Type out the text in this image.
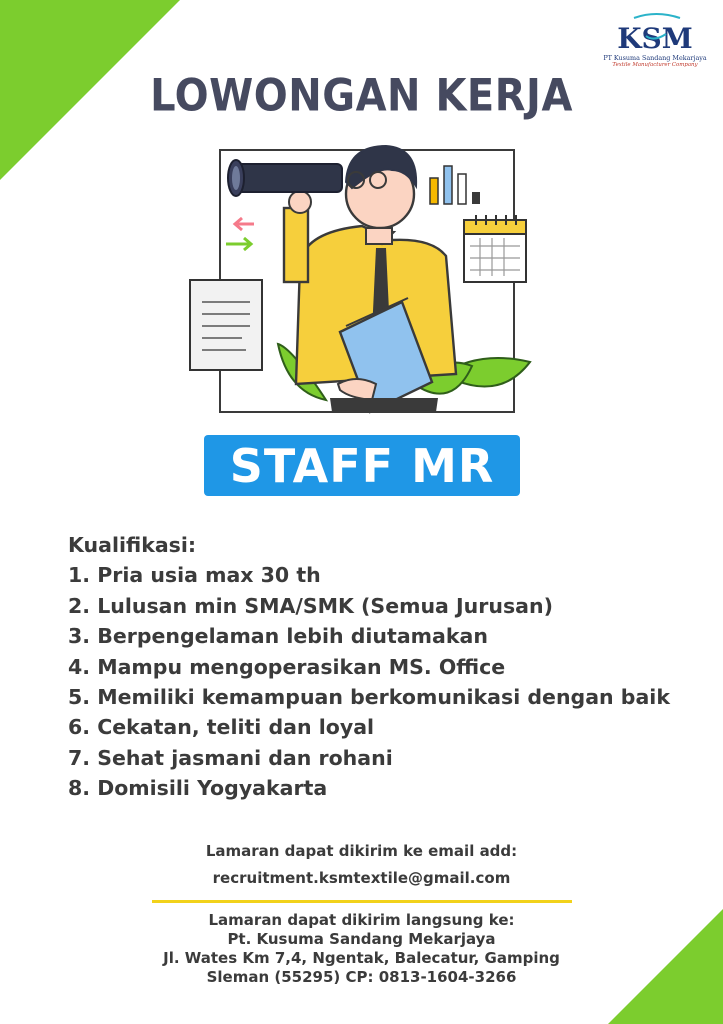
KSM
PT Kusuma Sandang Mekarjaya
Textile Manufacturer Company
LOWONGAN KERJA
STAFF MR
Kualifikasi:
1. Pria usia max 30 th
2. Lulusan min SMA/SMK (Semua Jurusan)
3. Berpengelaman lebih diutamakan
4. Mampu mengoperasikan MS. Office
5. Memiliki kemampuan berkomunikasi dengan baik
6. Cekatan, teliti dan loyal
7. Sehat jasmani dan rohani
8. Domisili Yogyakarta
Lamaran dapat dikirim ke email add:
recruitment.ksmtextile@gmail.com
Lamaran dapat dikirim langsung ke:
Pt. Kusuma Sandang Mekarjaya
Jl. Wates Km 7,4, Ngentak, Balecatur, Gamping
Sleman (55295) CP: 0813-1604-3266
